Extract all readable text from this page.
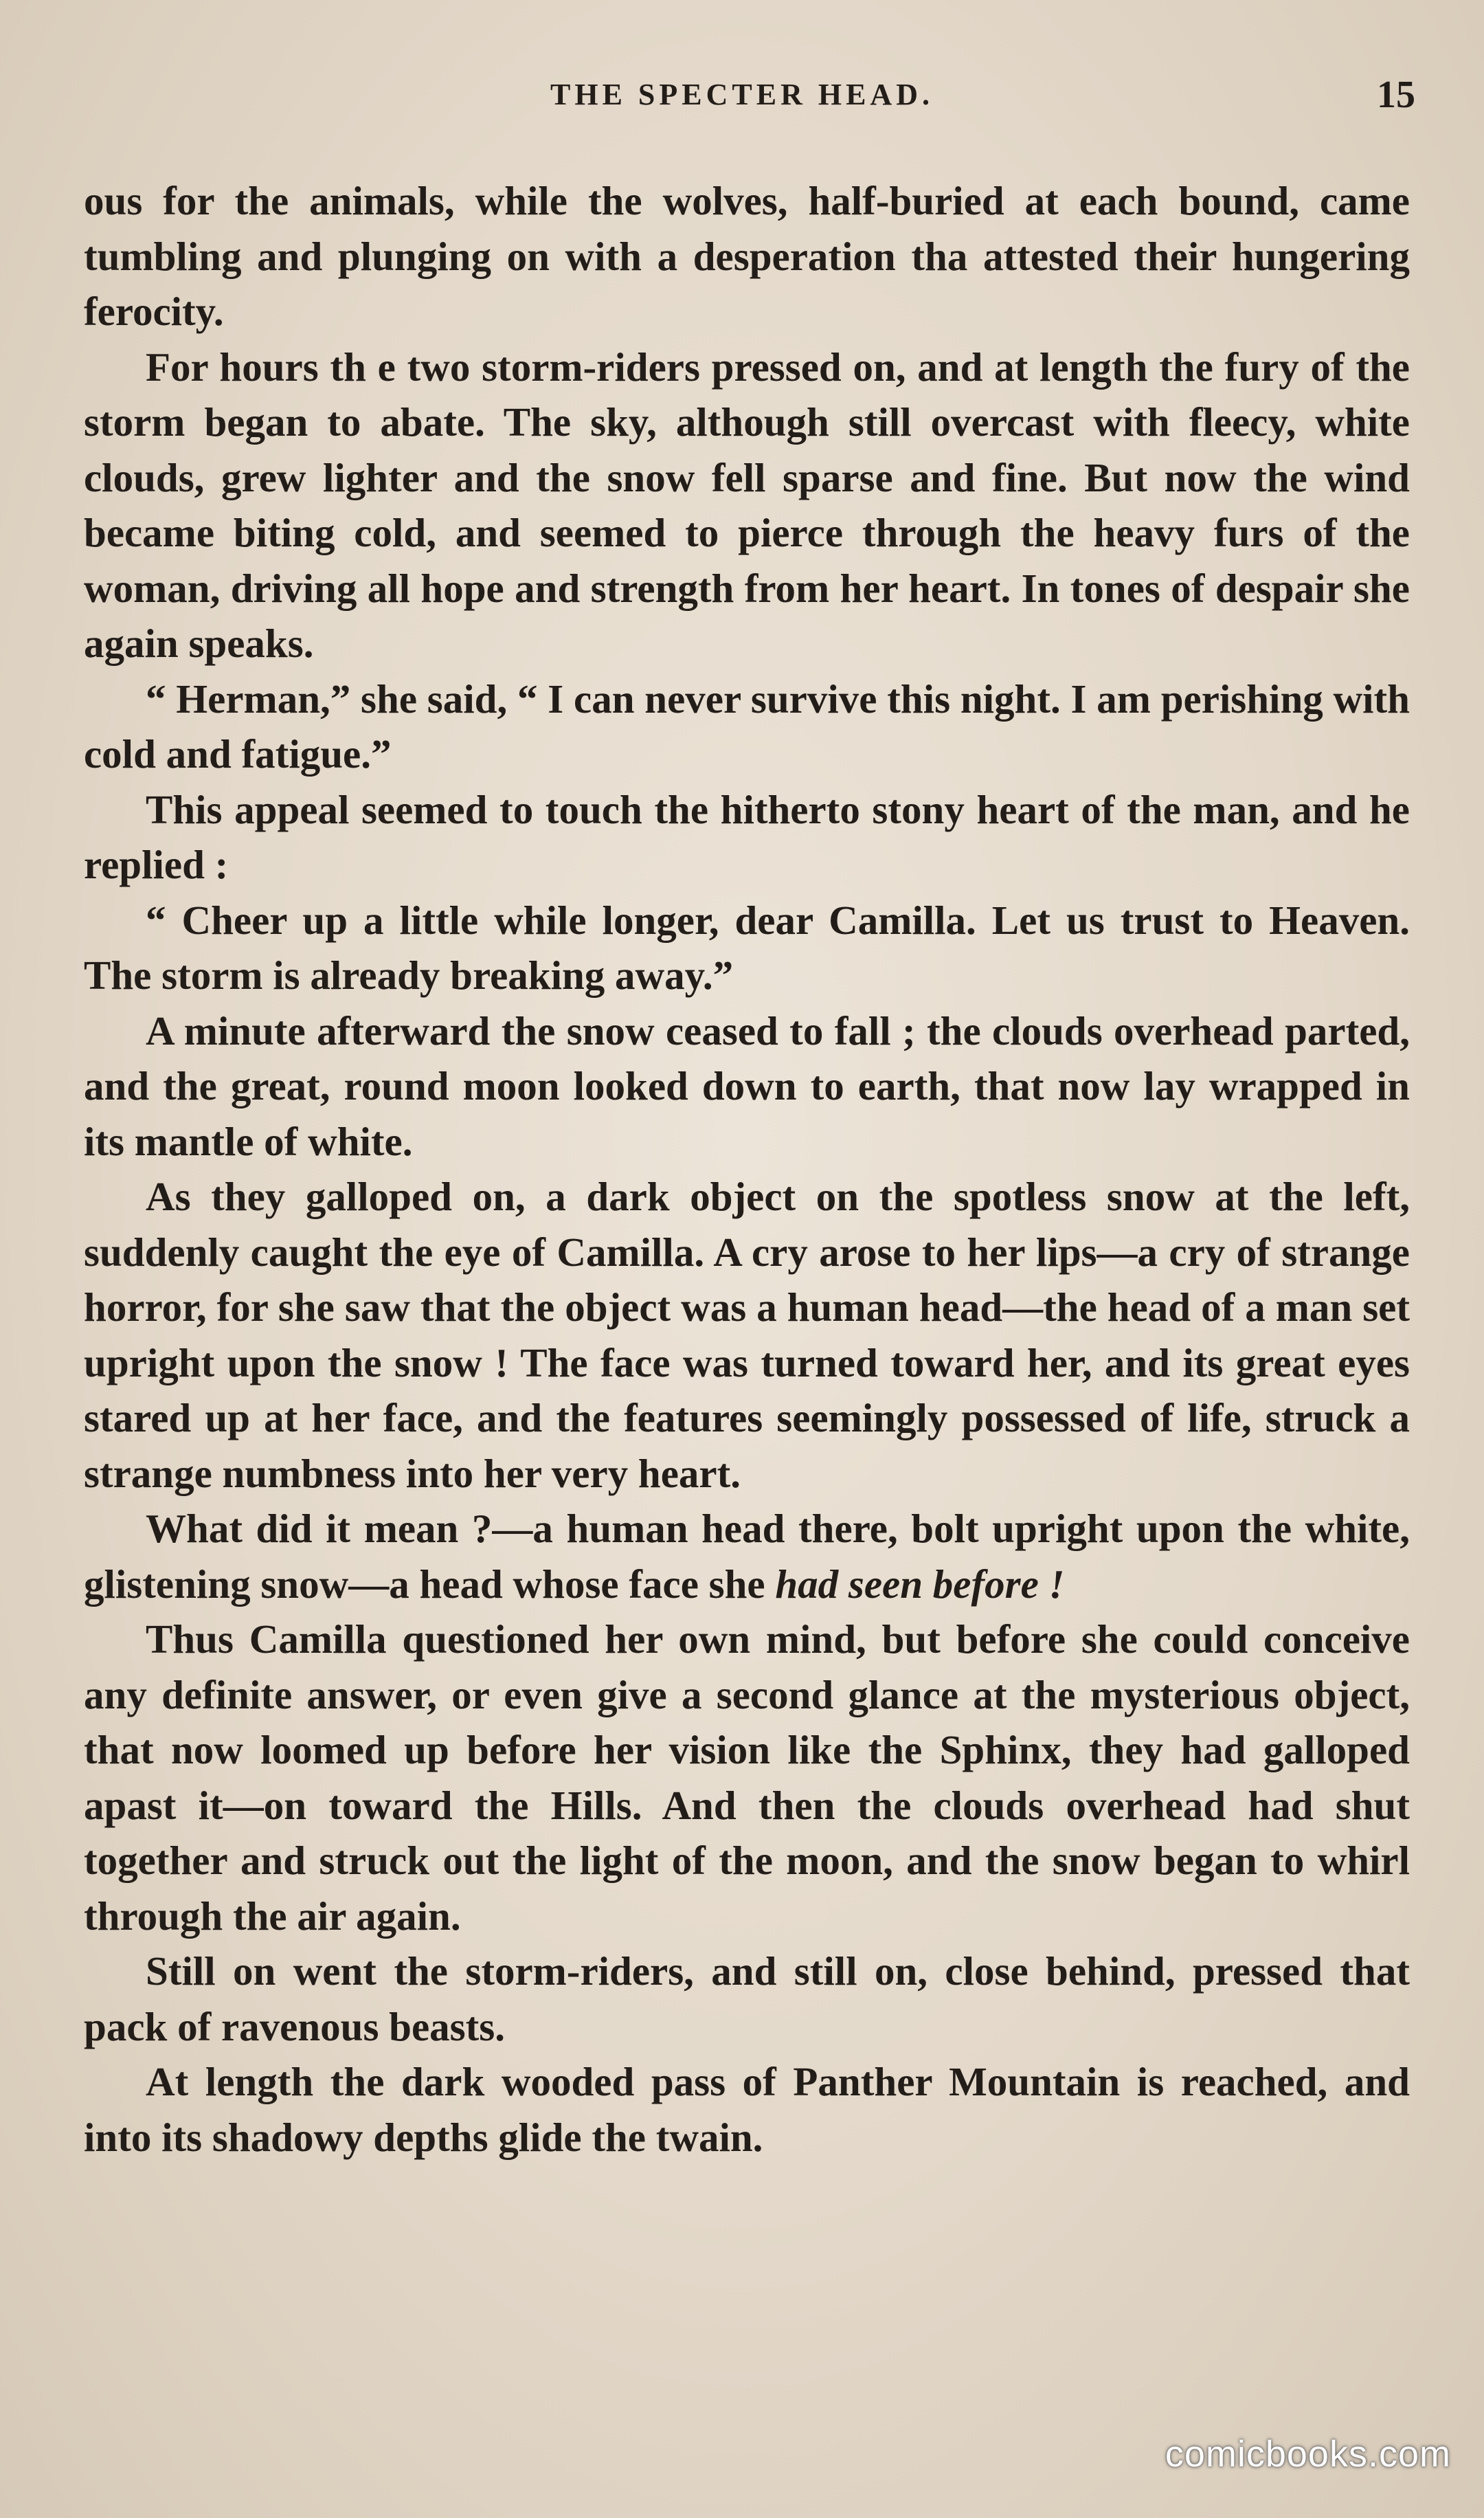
THE SPECTER HEAD.	15

ous for the animals, while the wolves, half-buried at each bound, came tumbling and plunging on with a desperation tha attested their hungering ferocity.

For hours th e two storm-riders pressed on, and at length the fury of the storm began to abate. The sky, although still overcast with fleecy, white clouds, grew lighter and the snow fell sparse and fine. But now the wind became biting cold, and seemed to pierce through the heavy furs of the woman, driving all hope and strength from her heart. In tones of despair she again speaks.

“ Herman,” she said, “ I can never survive this night. I am perishing with cold and fatigue.”

This appeal seemed to touch the hitherto stony heart of the man, and he replied :

“ Cheer up a little while longer, dear Camilla. Let us trust to Heaven. The storm is already breaking away.”

A minute afterward the snow ceased to fall ; the clouds overhead parted, and the great, round moon looked down to earth, that now lay wrapped in its mantle of white.

As they galloped on, a dark object on the spotless snow at the left, suddenly caught the eye of Camilla. A cry arose to her lips—a cry of strange horror, for she saw that the object was a human head—the head of a man set upright upon the snow ! The face was turned toward her, and its great eyes stared up at her face, and the features seemingly possessed of life, struck a strange numbness into her very heart.

What did it mean ?—a human head there, bolt upright upon the white, glistening snow—a head whose face she had seen before !

Thus Camilla questioned her own mind, but before she could conceive any definite answer, or even give a second glance at the mysterious object, that now loomed up before her vision like the Sphinx, they had galloped apast it—on toward the Hills. And then the clouds overhead had shut together and struck out the light of the moon, and the snow began to whirl through the air again.

Still on went the storm-riders, and still on, close behind, pressed that pack of ravenous beasts.

At length the dark wooded pass of Panther Mountain is reached, and into its shadowy depths glide the twain.

comicbooks.com
